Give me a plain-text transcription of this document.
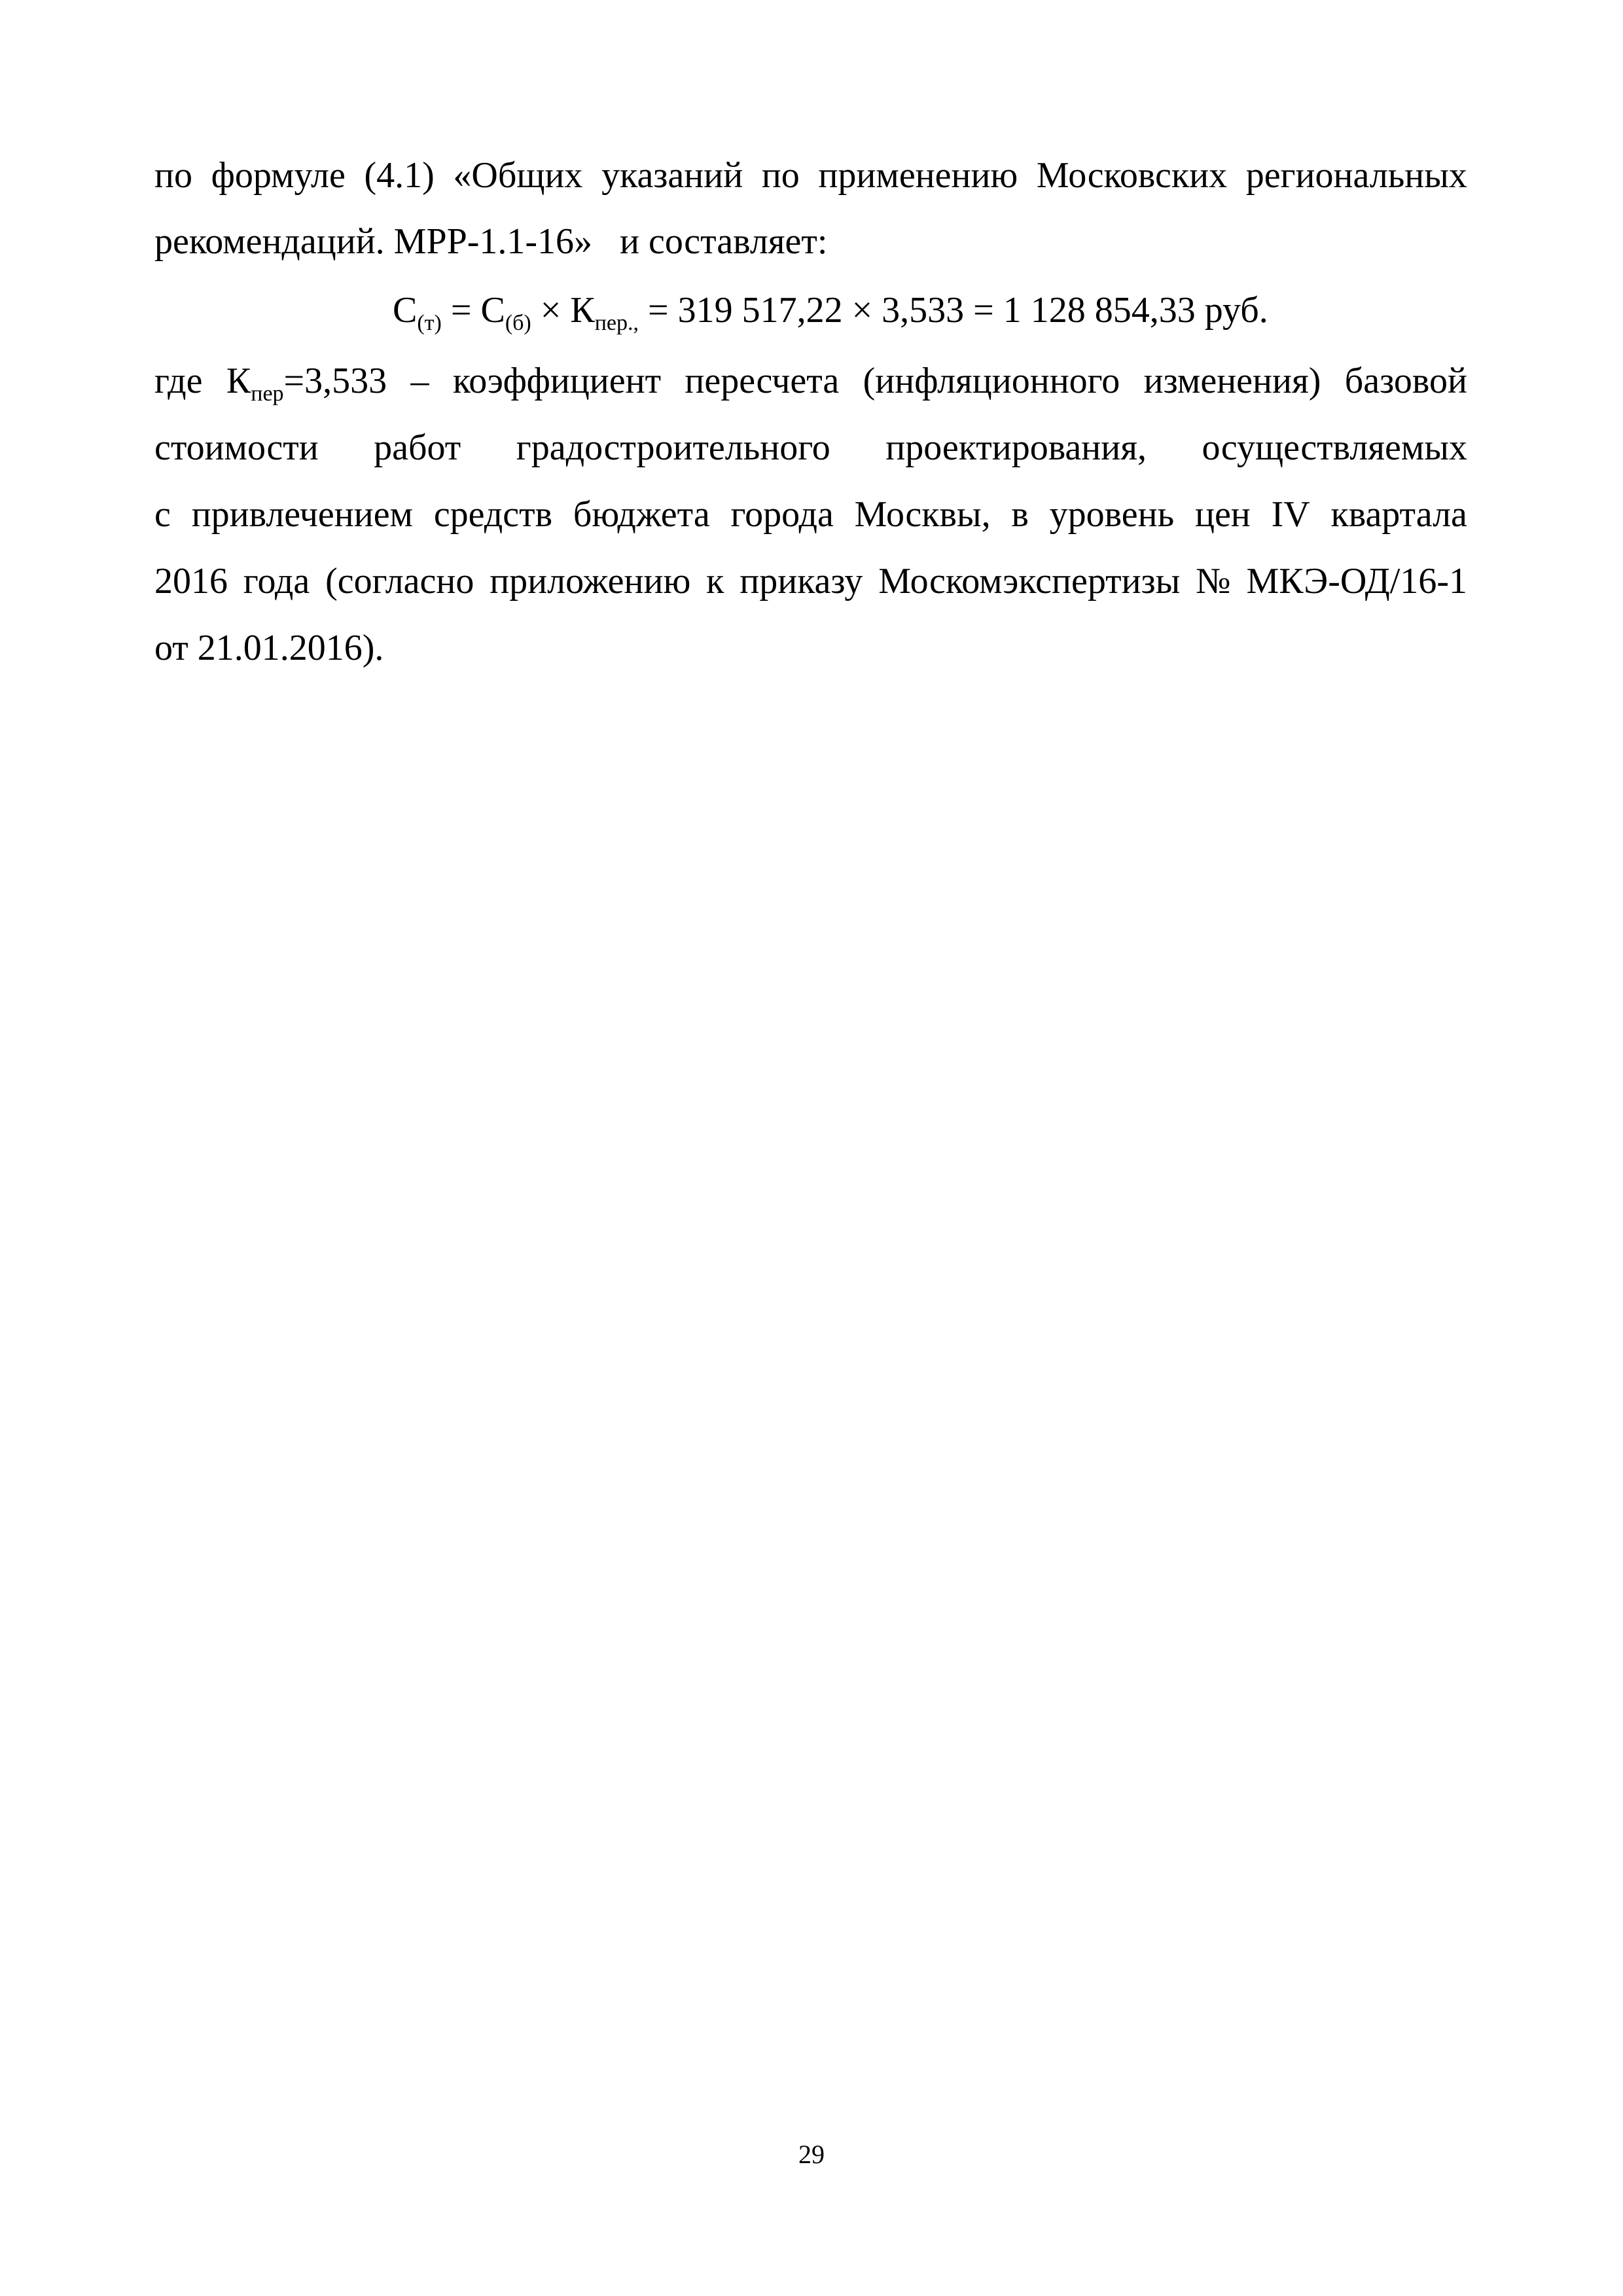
по формуле (4.1) «Общих указаний по применению Московских региональных
рекомендаций. МРР-1.1-16»   и составляет:
$С_{(т)} = С_{(б)} \times К_{пер.,} = 319$ 517,22 × 3,533 = 1 128 854,33 руб.
где Кпер=3,533 – коэффициент пересчета (инфляционного изменения) базовой
стоимости работ градостроительного проектирования, осуществляемых
с привлечением средств бюджета города Москвы, в уровень цен IV квартала
2016 года (согласно приложению к приказу Москомэкспертизы № МКЭ-ОД/16-1
от 21.01.2016).
29
